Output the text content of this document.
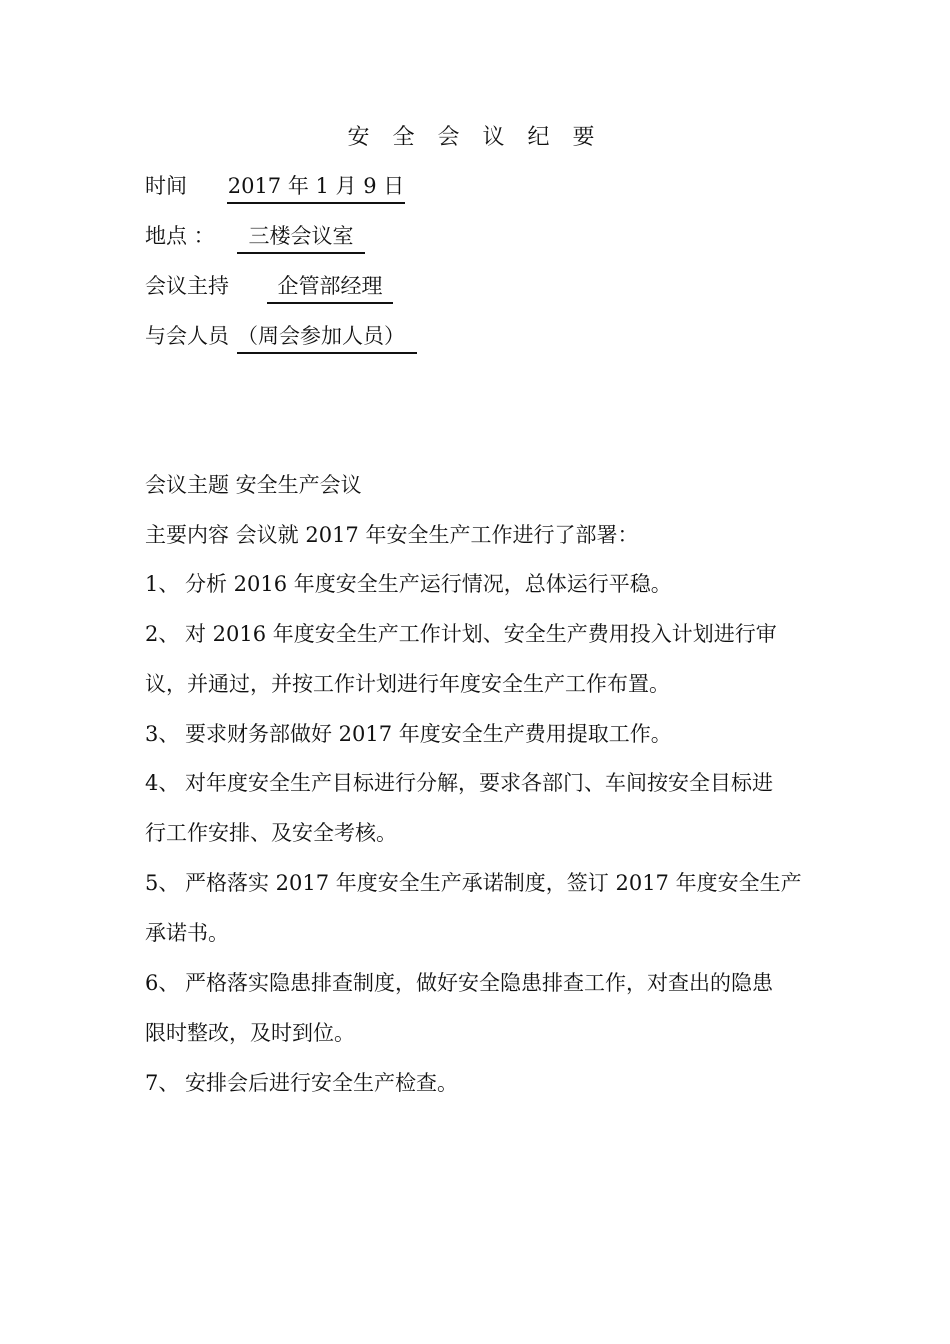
安 全 会 议 纪 要
时间 2017 年 1 月 9 日
地点 ： 三楼会议室
会议主持 企管部经理
与会人员 （周会参加人员）
会议主题 安全生产会议
主要内容 会议就 2017 年安全生产工作进行了部署：
1、 分析 2016 年度安全生产运行情况，总体运行平稳。
2、 对 2016 年度安全生产工作计划、安全生产费用投入计划进行审
议，并通过，并按工作计划进行年度安全生产工作布置。
3、 要求财务部做好 2017 年度安全生产费用提取工作。
4、 对年度安全生产目标进行分解，要求各部门、车间按安全目标进
行工作安排、及安全考核。
5、 严格落实 2017 年度安全生产承诺制度，签订 2017 年度安全生产
承诺书。
6、 严格落实隐患排查制度，做好安全隐患排查工作，对查出的隐患
限时整改，及时到位。
7、 安排会后进行安全生产检查。
